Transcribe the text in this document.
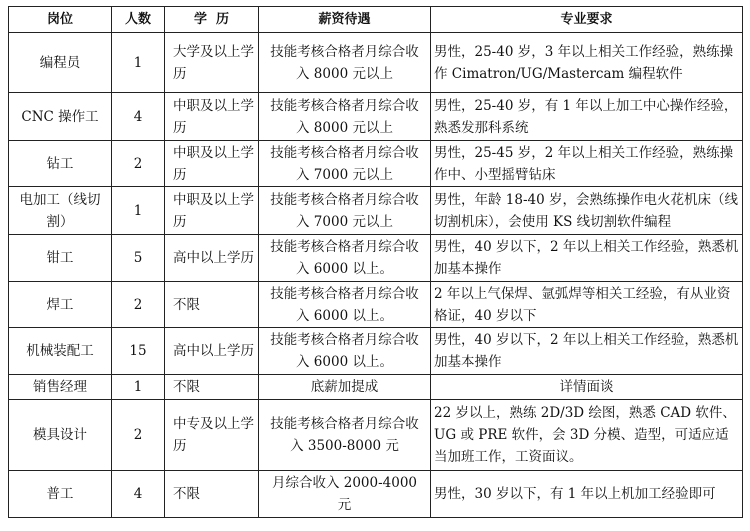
岗位	人数	学  历	薪资待遇	专业要求
编程员	1	大学及以上学历	技能考核合格者月综合收入 8000 元以上	男性，25-40 岁，3 年以上相关工作经验，熟练操作 Cimatron/UG/Mastercam 编程软件
CNC 操作工	4	中职及以上学历	技能考核合格者月综合收入 8000 元以上	男性，25-40 岁，有 1 年以上加工中心操作经验，熟悉发那科系统
钻工	2	中职及以上学历	技能考核合格者月综合收入 7000 元以上	男性，25-45 岁，2 年以上相关工作经验，熟练操作中、小型摇臂钻床
电加工（线切割）	1	中职及以上学历	技能考核合格者月综合收入 7000 元以上	男性，年龄 18-40 岁，会熟练操作电火花机床（线切割机床），会使用 KS 线切割软件编程
钳工	5	高中以上学历	技能考核合格者月综合收入 6000 以上。	男性，40 岁以下，2 年以上相关工作经验，熟悉机加基本操作
焊工	2	不限	技能考核合格者月综合收入 6000 以上。	2 年以上气保焊、氩弧焊等相关工经验，有从业资格证，40 岁以下
机械装配工	15	高中以上学历	技能考核合格者月综合收入 6000 以上。	男性，40 岁以下，2 年以上相关工作经验，熟悉机加基本操作
销售经理	1	不限	底薪加提成	详情面谈
模具设计	2	中专及以上学历	技能考核合格者月综合收入 3500-8000 元	22 岁以上，熟练 2D/3D 绘图，熟悉 CAD 软件、UG 或 PRE 软件，会 3D 分模、造型，可适应适当加班工作，工资面议。
普工	4	不限	月综合收入 2000-4000 元	男性，30 岁以下，有 1 年以上机加工经验即可
